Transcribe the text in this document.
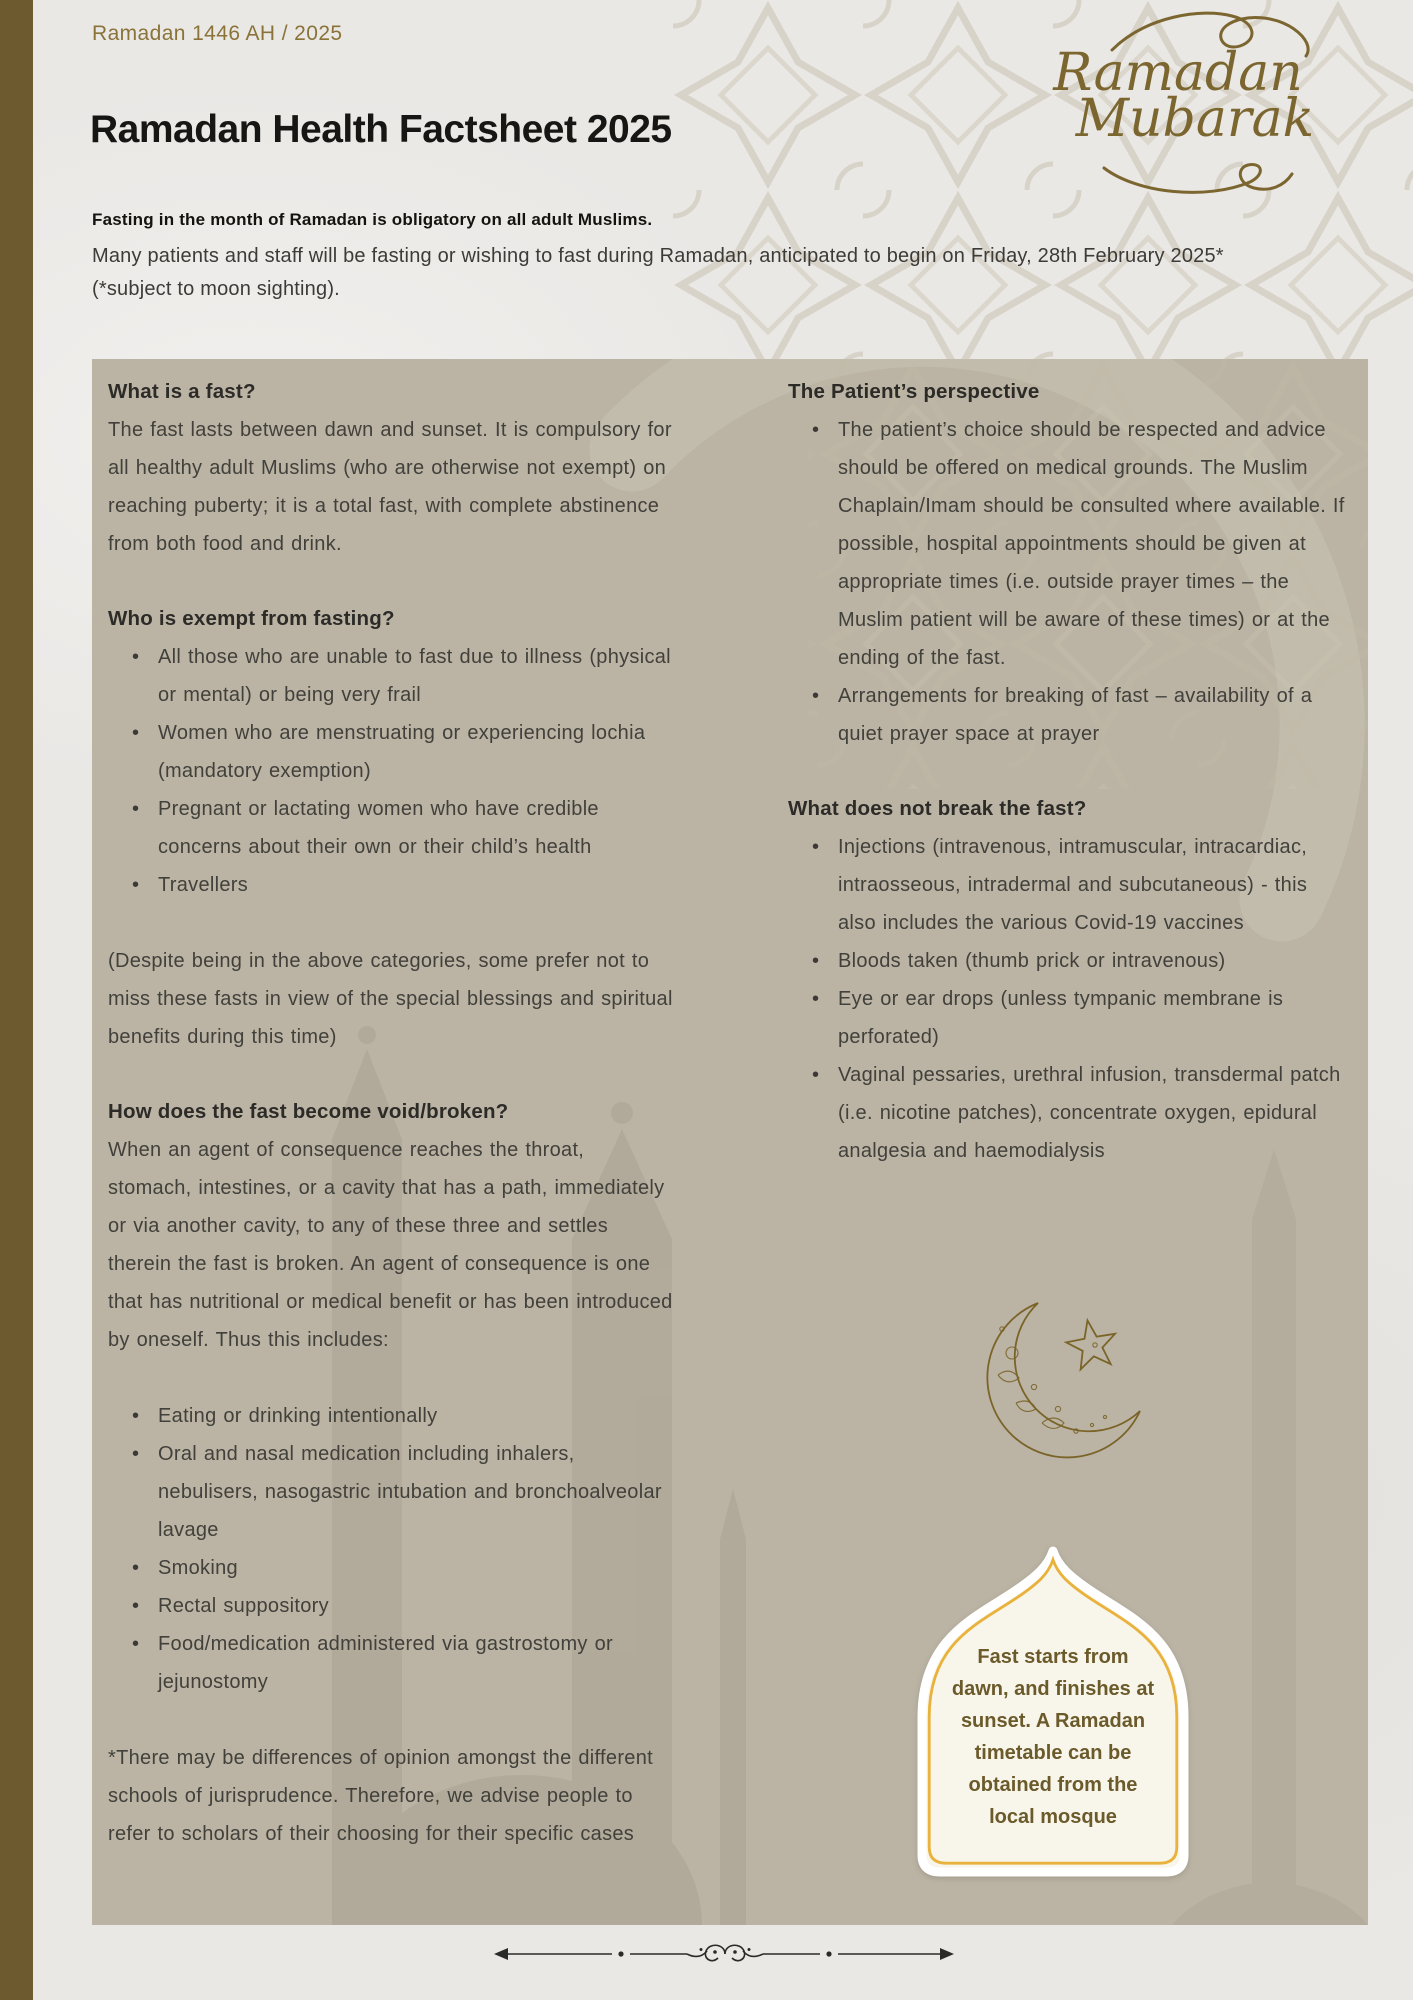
Ramadan 1446 AH / 2025
Ramadan Health Factsheet 2025
Fasting in the month of Ramadan is obligatory on all adult Muslims.
Many patients and staff will be fasting or wishing to fast during Ramadan, anticipated to begin on Friday, 28th February 2025*
(*subject to moon sighting).
Ramadan
Mubarak
What is a fast?

The fast lasts between dawn and sunset. It is compulsory for all healthy adult Muslims (who are otherwise not exempt) on reaching puberty; it is a total fast, with complete abstinence from both food and drink.

Who is exempt from fasting?
• All those who are unable to fast due to illness (physical or mental) or being very frail
• Women who are menstruating or experiencing lochia (mandatory exemption)
• Pregnant or lactating women who have credible concerns about their own or their child’s health
• Travellers

(Despite being in the above categories, some prefer not to miss these fasts in view of the special blessings and spiritual benefits during this time)

How does the fast become void/broken?

When an agent of consequence reaches the throat, stomach, intestines, or a cavity that has a path, immediately or via another cavity, to any of these three and settles therein the fast is broken. An agent of consequence is one that has nutritional or medical benefit or has been introduced by oneself. Thus this includes:

• Eating or drinking intentionally
• Oral and nasal medication including inhalers, nebulisers, nasogastric intubation and bronchoalveolar lavage
• Smoking
• Rectal suppository
• Food/medication administered via gastrostomy or jejunostomy

*There may be differences of opinion amongst the different schools of jurisprudence. Therefore, we advise people to refer to scholars of their choosing for their specific cases

The Patient’s perspective
• The patient’s choice should be respected and advice should be offered on medical grounds. The Muslim Chaplain/Imam should be consulted where available. If possible, hospital appointments should be given at appropriate times (i.e. outside prayer times – the Muslim patient will be aware of these times) or at the ending of the fast.
• Arrangements for breaking of fast – availability of a quiet prayer space at prayer
What does not break the fast?
• Injections (intravenous, intramuscular, intracardiac, intraosseous, intradermal and subcutaneous) - this also includes the various Covid-19 vaccines
• Bloods taken (thumb prick or intravenous)
• Eye or ear drops (unless tympanic membrane is perforated)
• Vaginal pessaries, urethral infusion, transdermal patch (i.e. nicotine patches), concentrate oxygen, epidural analgesia and haemodialysis
Fast starts from
dawn, and finishes at
sunset. A Ramadan
timetable can be
obtained from the
local mosque
